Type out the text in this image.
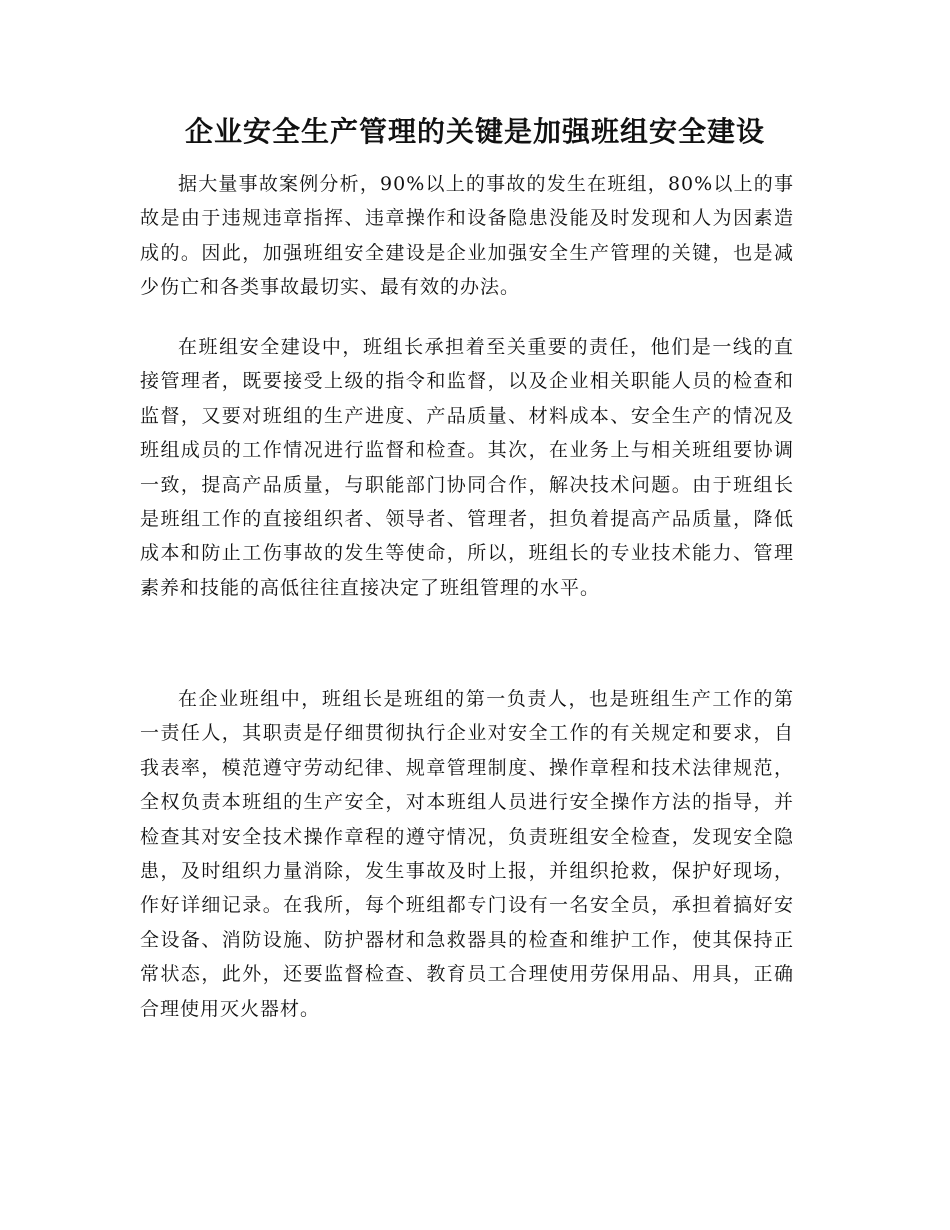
企业安全生产管理的关键是加强班组安全建设

据大量事故案例分析，90%以上的事故的发生在班组，80%以上的事故是由于违规违章指挥、违章操作和设备隐患没能及时发现和人为因素造成的。因此，加强班组安全建设是企业加强安全生产管理的关键，也是减少伤亡和各类事故最切实、最有效的办法。

在班组安全建设中，班组长承担着至关重要的责任，他们是一线的直接管理者，既要接受上级的指令和监督，以及企业相关职能人员的检查和监督，又要对班组的生产进度、产品质量、材料成本、安全生产的情况及班组成员的工作情况进行监督和检查。其次，在业务上与相关班组要协调一致，提高产品质量，与职能部门协同合作，解决技术问题。由于班组长是班组工作的直接组织者、领导者、管理者，担负着提高产品质量，降低成本和防止工伤事故的发生等使命，所以，班组长的专业技术能力、管理素养和技能的高低往往直接决定了班组管理的水平。

在企业班组中，班组长是班组的第一负责人，也是班组生产工作的第一责任人，其职责是仔细贯彻执行企业对安全工作的有关规定和要求，自我表率，模范遵守劳动纪律、规章管理制度、操作章程和技术法律规范，全权负责本班组的生产安全，对本班组人员进行安全操作方法的指导，并检查其对安全技术操作章程的遵守情况，负责班组安全检查，发现安全隐患，及时组织力量消除，发生事故及时上报，并组织抢救，保护好现场，作好详细记录。在我所，每个班组都专门设有一名安全员，承担着搞好安全设备、消防设施、防护器材和急救器具的检查和维护工作，使其保持正常状态，此外，还要监督检查、教育员工合理使用劳保用品、用具，正确合理使用灭火器材。
